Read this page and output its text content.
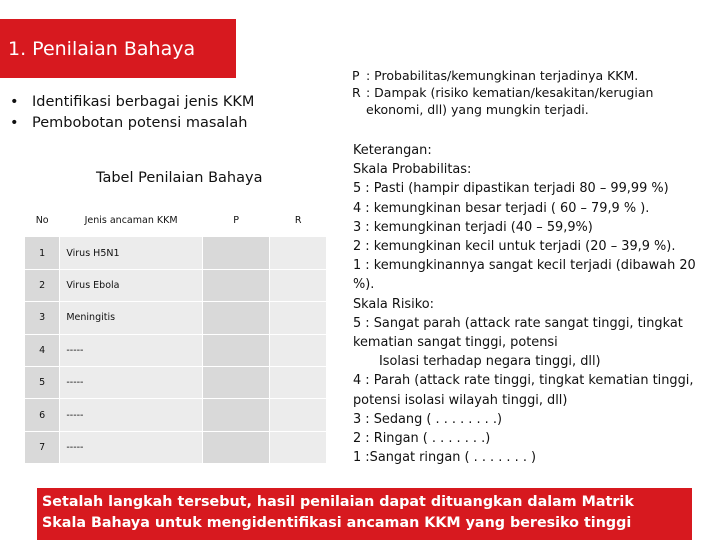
1. Penilaian Bahaya
• Identifikasi berbagai jenis KKM
• Pembobotan potensi masalah
Tabel Penilaian Bahaya
No	Jenis ancaman KKM	P	R
1	Virus H5N1		
2	Virus Ebola		
3	Meningitis		
4	-----		
5	-----		
6	-----		
7	-----		
P : Probabilitas/kemungkinan terjadinya KKM.
R : Dampak (risiko kematian/kesakitan/kerugian ekonomi, dll) yang mungkin terjadi.
Keterangan:
Skala Probabilitas:
5 : Pasti (hampir dipastikan terjadi 80 – 99,99 %)
4 : kemungkinan besar terjadi ( 60 – 79,9 % ).
3 : kemungkinan terjadi (40 – 59,9%)
2 : kemungkinan kecil untuk terjadi (20 – 39,9 %).
1 : kemungkinannya sangat kecil terjadi (dibawah 20 %).
Skala Risiko:
5 : Sangat parah (attack rate sangat tinggi, tingkat kematian sangat tinggi, potensi
Isolasi terhadap negara tinggi, dll)
4 : Parah (attack rate tinggi, tingkat kematian tinggi, potensi isolasi wilayah tinggi, dll)
3 : Sedang ( . . . . . . . .)
2 : Ringan ( . . . . . . .)
1 :Sangat ringan ( . . . . . . . )
Setalah langkah tersebut, hasil penilaian dapat dituangkan dalam Matrik Skala Bahaya untuk mengidentifikasi ancaman KKM yang beresiko tinggi
